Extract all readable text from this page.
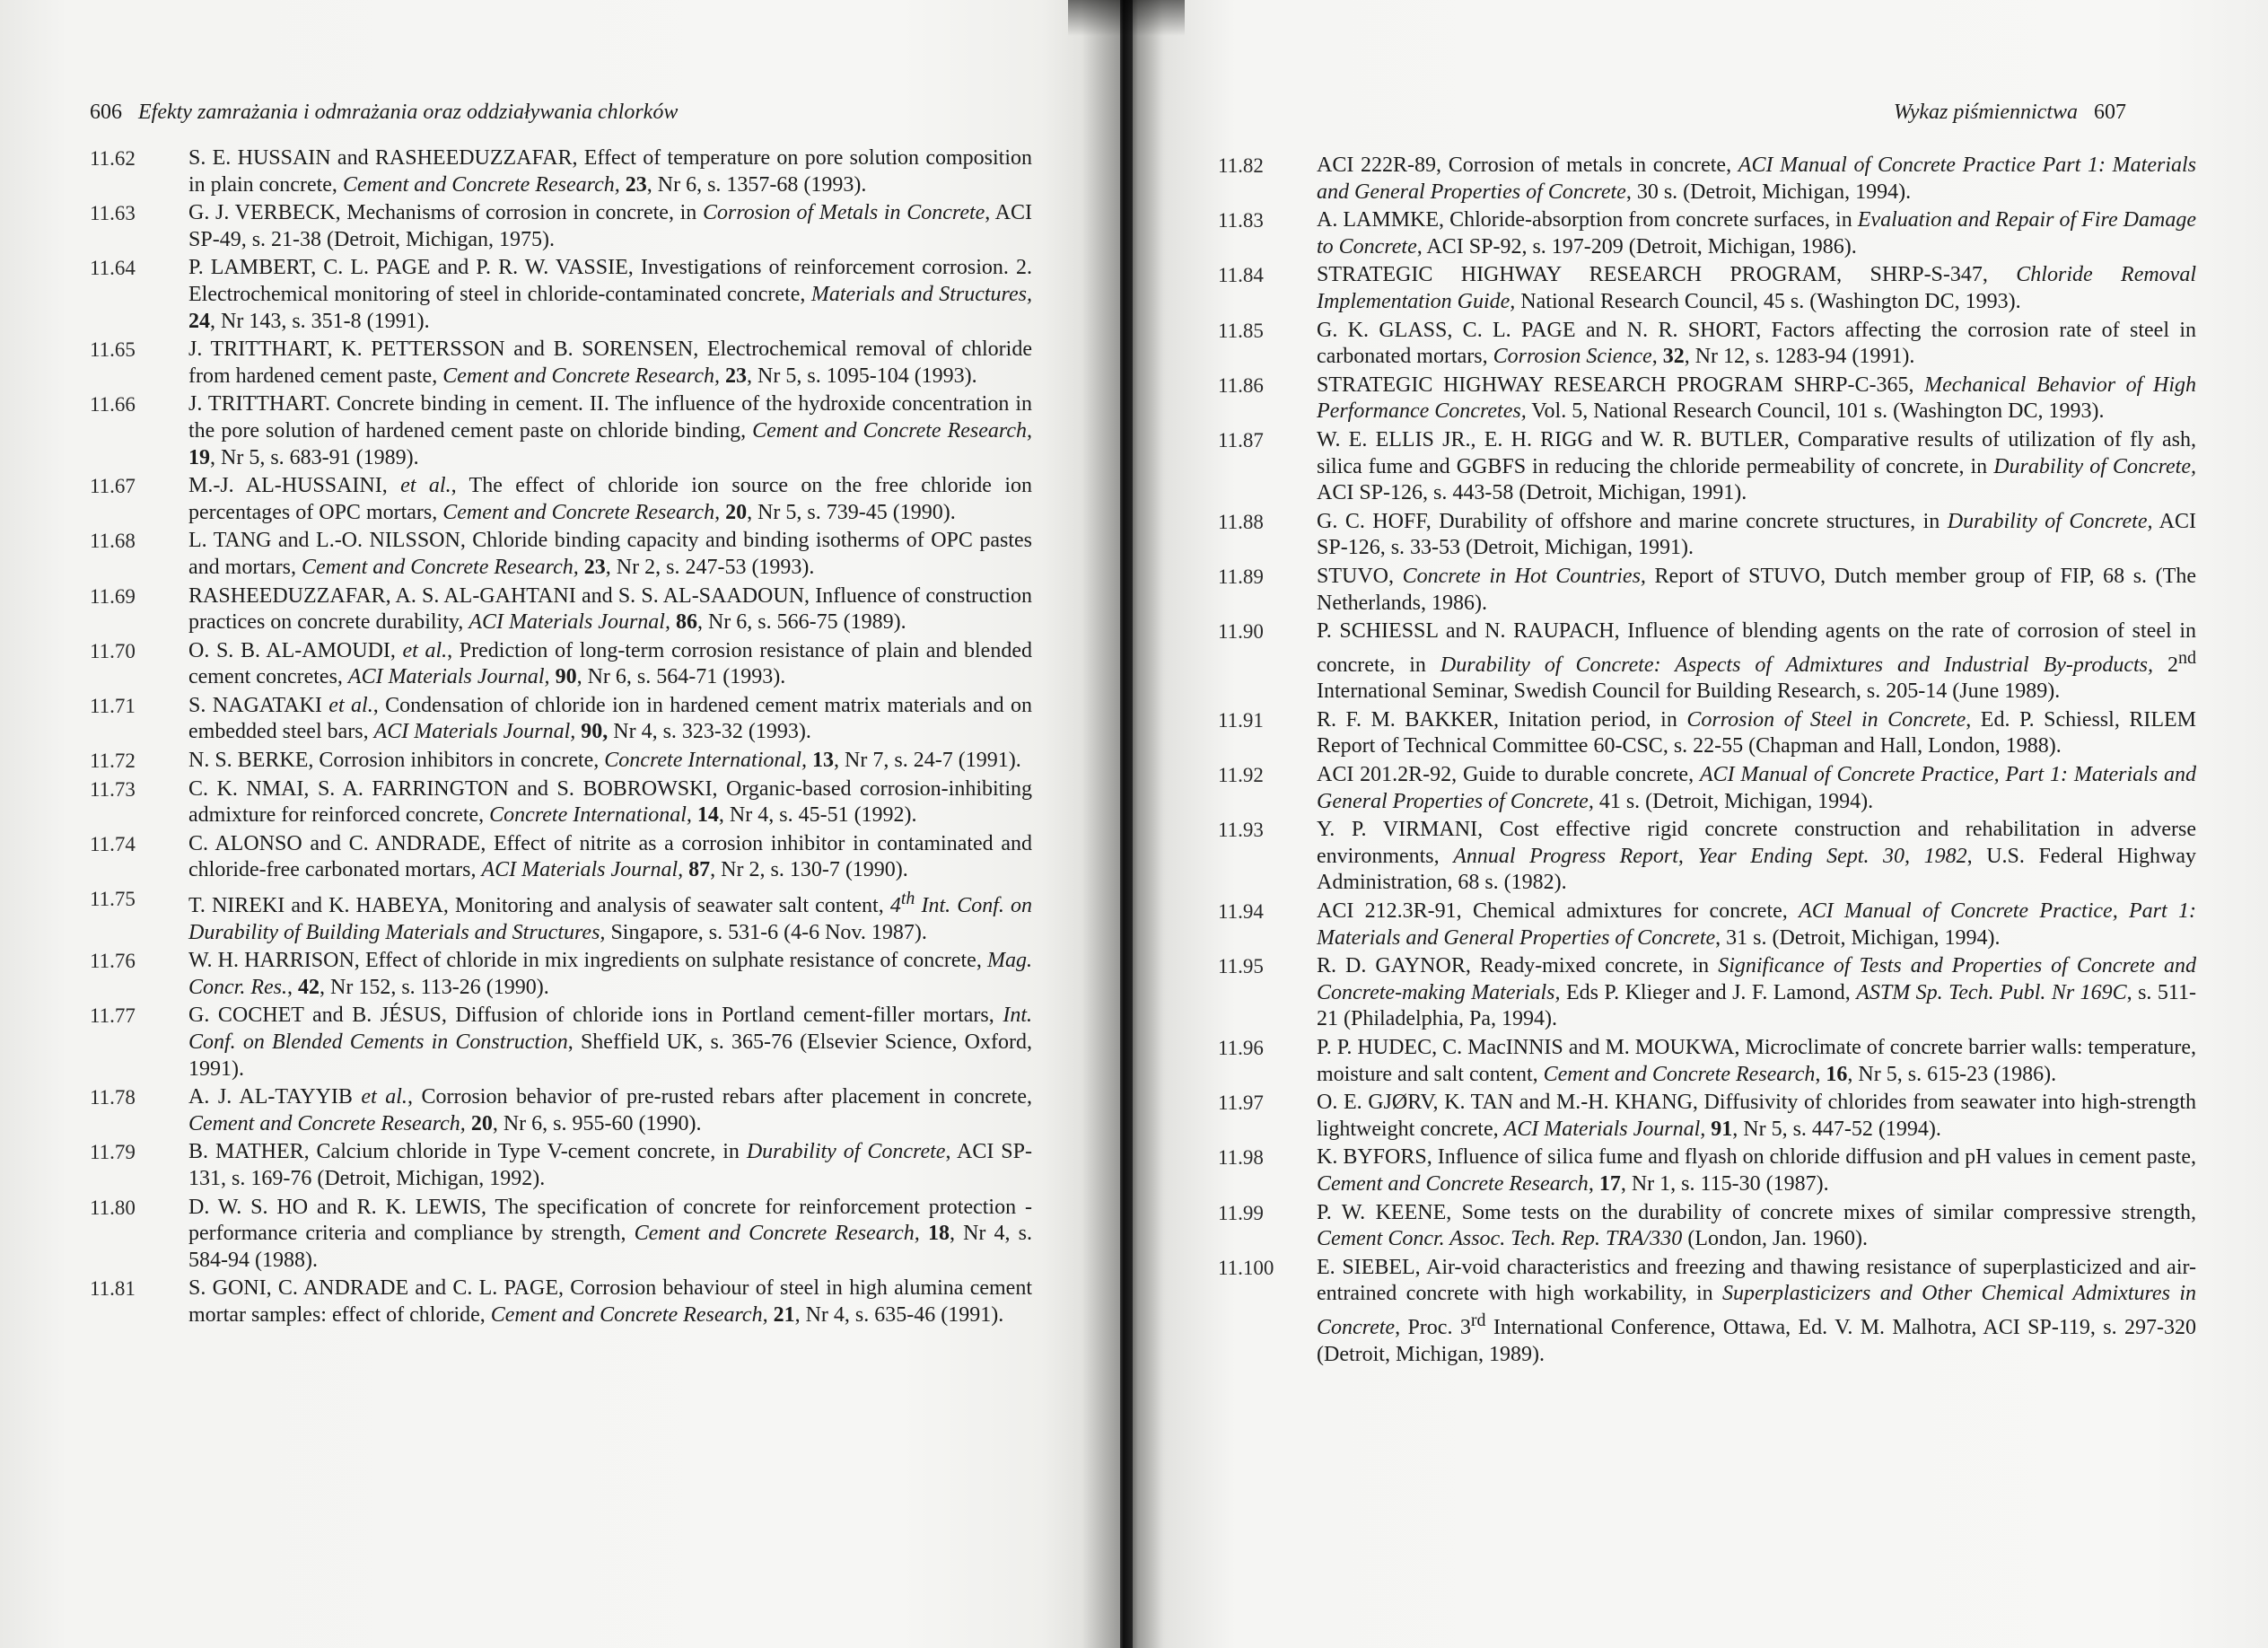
606 Efekty zamrażania i odmrażania oraz oddziaływania chlorków
11.62 S. E. HUSSAIN and RASHEEDUZZAFAR, Effect of temperature on pore solution composition in plain concrete, Cement and Concrete Research, 23, Nr 6, s. 1357-68 (1993).
11.63 G. J. VERBECK, Mechanisms of corrosion in concrete, in Corrosion of Metals in Concrete, ACI SP-49, s. 21-38 (Detroit, Michigan, 1975).
11.64 P. LAMBERT, C. L. PAGE and P. R. W. VASSIE, Investigations of reinforcement corrosion. 2. Electrochemical monitoring of steel in chloride-contaminated concrete, Materials and Structures, 24, Nr 143, s. 351-8 (1991).
11.65 J. TRITTHART, K. PETTERSSON and B. SORENSEN, Electrochemical removal of chloride from hardened cement paste, Cement and Concrete Research, 23, Nr 5, s. 1095-104 (1993).
11.66 J. TRITTHART. Concrete binding in cement. II. The influence of the hydroxide concentration in the pore solution of hardened cement paste on chloride binding, Cement and Concrete Research, 19, Nr 5, s. 683-91 (1989).
11.67 M.-J. AL-HUSSAINI, et al., The effect of chloride ion source on the free chloride ion percentages of OPC mortars, Cement and Concrete Research, 20, Nr 5, s. 739-45 (1990).
11.68 L. TANG and L.-O. NILSSON, Chloride binding capacity and binding isotherms of OPC pastes and mortars, Cement and Concrete Research, 23, Nr 2, s. 247-53 (1993).
11.69 RASHEEDUZZAFAR, A. S. AL-GAHTANI and S. S. AL-SAADOUN, Influence of construction practices on concrete durability, ACI Materials Journal, 86, Nr 6, s. 566-75 (1989).
11.70 O. S. B. AL-AMOUDI, et al., Prediction of long-term corrosion resistance of plain and blended cement concretes, ACI Materials Journal, 90, Nr 6, s. 564-71 (1993).
11.71 S. NAGATAKI et al., Condensation of chloride ion in hardened cement matrix materials and on embedded steel bars, ACI Materials Journal, 90, Nr 4, s. 323-32 (1993).
11.72 N. S. BERKE, Corrosion inhibitors in concrete, Concrete International, 13, Nr 7, s. 24-7 (1991).
11.73 C. K. NMAI, S. A. FARRINGTON and S. BOBROWSKI, Organic-based corrosion-inhibiting admixture for reinforced concrete, Concrete International, 14, Nr 4, s. 45-51 (1992).
11.74 C. ALONSO and C. ANDRADE, Effect of nitrite as a corrosion inhibitor in contaminated and chloride-free carbonated mortars, ACI Materials Journal, 87, Nr 2, s. 130-7 (1990).
11.75 T. NIREKI and K. HABEYA, Monitoring and analysis of seawater salt content, 4th Int. Conf. on Durability of Building Materials and Structures, Singapore, s. 531-6 (4-6 Nov. 1987).
11.76 W. H. HARRISON, Effect of chloride in mix ingredients on sulphate resistance of concrete, Mag. Concr. Res., 42, Nr 152, s. 113-26 (1990).
11.77 G. COCHET and B. JÉSUS, Diffusion of chloride ions in Portland cement-filler mortars, Int. Conf. on Blended Cements in Construction, Sheffield UK, s. 365-76 (Elsevier Science, Oxford, 1991).
11.78 A. J. AL-TAYYIB et al., Corrosion behavior of pre-rusted rebars after placement in concrete, Cement and Concrete Research, 20, Nr 6, s. 955-60 (1990).
11.79 B. MATHER, Calcium chloride in Type V-cement concrete, in Durability of Concrete, ACI SP-131, s. 169-76 (Detroit, Michigan, 1992).
11.80 D. W. S. HO and R. K. LEWIS, The specification of concrete for reinforcement protection - performance criteria and compliance by strength, Cement and Concrete Research, 18, Nr 4, s. 584-94 (1988).
11.81 S. GONI, C. ANDRADE and C. L. PAGE, Corrosion behaviour of steel in high alumina cement mortar samples: effect of chloride, Cement and Concrete Research, 21, Nr 4, s. 635-46 (1991).
Wykaz piśmiennictwa 607
11.82 ACI 222R-89, Corrosion of metals in concrete, ACI Manual of Concrete Practice Part 1: Materials and General Properties of Concrete, 30 s. (Detroit, Michigan, 1994).
11.83 A. LAMMKE, Chloride-absorption from concrete surfaces, in Evaluation and Repair of Fire Damage to Concrete, ACI SP-92, s. 197-209 (Detroit, Michigan, 1986).
11.84 STRATEGIC HIGHWAY RESEARCH PROGRAM, SHRP-S-347, Chloride Removal Implementation Guide, National Research Council, 45 s. (Washington DC, 1993).
11.85 G. K. GLASS, C. L. PAGE and N. R. SHORT, Factors affecting the corrosion rate of steel in carbonated mortars, Corrosion Science, 32, Nr 12, s. 1283-94 (1991).
11.86 STRATEGIC HIGHWAY RESEARCH PROGRAM SHRP-C-365, Mechanical Behavior of High Performance Concretes, Vol. 5, National Research Council, 101 s. (Washington DC, 1993).
11.87 W. E. ELLIS JR., E. H. RIGG and W. R. BUTLER, Comparative results of utilization of fly ash, silica fume and GGBFS in reducing the chloride permeability of concrete, in Durability of Concrete, ACI SP-126, s. 443-58 (Detroit, Michigan, 1991).
11.88 G. C. HOFF, Durability of offshore and marine concrete structures, in Durability of Concrete, ACI SP-126, s. 33-53 (Detroit, Michigan, 1991).
11.89 STUVO, Concrete in Hot Countries, Report of STUVO, Dutch member group of FIP, 68 s. (The Netherlands, 1986).
11.90 P. SCHIESSL and N. RAUPACH, Influence of blending agents on the rate of corrosion of steel in concrete, in Durability of Concrete: Aspects of Admixtures and Industrial By-products, 2nd International Seminar, Swedish Council for Building Research, s. 205-14 (June 1989).
11.91 R. F. M. BAKKER, Initation period, in Corrosion of Steel in Concrete, Ed. P. Schiessl, RILEM Report of Technical Committee 60-CSC, s. 22-55 (Chapman and Hall, London, 1988).
11.92 ACI 201.2R-92, Guide to durable concrete, ACI Manual of Concrete Practice, Part 1: Materials and General Properties of Concrete, 41 s. (Detroit, Michigan, 1994).
11.93 Y. P. VIRMANI, Cost effective rigid concrete construction and rehabilitation in adverse environments, Annual Progress Report, Year Ending Sept. 30, 1982, U.S. Federal Highway Administration, 68 s. (1982).
11.94 ACI 212.3R-91, Chemical admixtures for concrete, ACI Manual of Concrete Practice, Part 1: Materials and General Properties of Concrete, 31 s. (Detroit, Michigan, 1994).
11.95 R. D. GAYNOR, Ready-mixed concrete, in Significance of Tests and Properties of Concrete and Concrete-making Materials, Eds P. Klieger and J. F. Lamond, ASTM Sp. Tech. Publ. Nr 169C, s. 511-21 (Philadelphia, Pa, 1994).
11.96 P. P. HUDEC, C. MacINNIS and M. MOUKWA, Microclimate of concrete barrier walls: temperature, moisture and salt content, Cement and Concrete Research, 16, Nr 5, s. 615-23 (1986).
11.97 O. E. GJØRV, K. TAN and M.-H. KHANG, Diffusivity of chlorides from seawater into high-strength lightweight concrete, ACI Materials Journal, 91, Nr 5, s. 447-52 (1994).
11.98 K. BYFORS, Influence of silica fume and flyash on chloride diffusion and pH values in cement paste, Cement and Concrete Research, 17, Nr 1, s. 115-30 (1987).
11.99 P. W. KEENE, Some tests on the durability of concrete mixes of similar compressive strength, Cement Concr. Assoc. Tech. Rep. TRA/330 (London, Jan. 1960).
11.100 E. SIEBEL, Air-void characteristics and freezing and thawing resistance of superplasticized and air-entrained concrete with high workability, in Superplasticizers and Other Chemical Admixtures in Concrete, Proc. 3rd International Conference, Ottawa, Ed. V. M. Malhotra, ACI SP-119, s. 297-320 (Detroit, Michigan, 1989).
